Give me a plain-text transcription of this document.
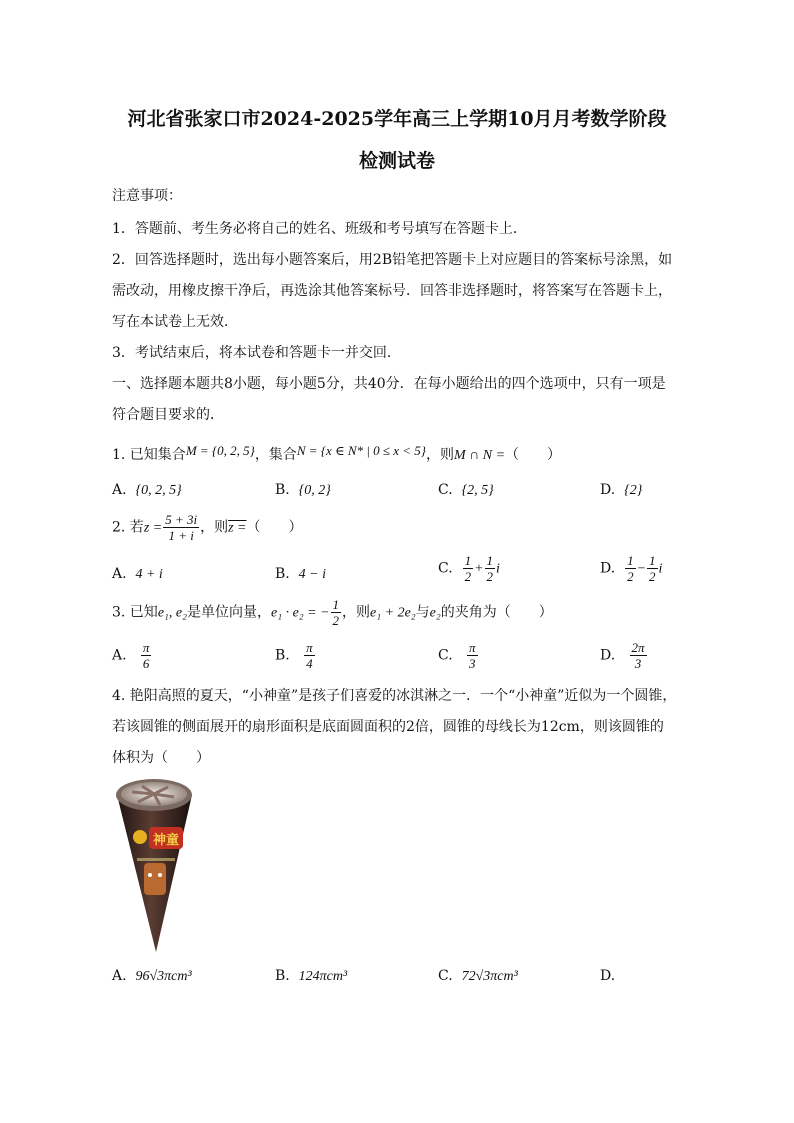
河北省张家口市2024-2025学年高三上学期10月月考数学阶段
检测试卷
注意事项：
1．答题前、考生务必将自己的姓名、班级和考号填写在答题卡上．
2．回答选择题时，选出每小题答案后，用2B铅笔把答题卡上对应题目的答案标号涂黑，如
需改动，用橡皮擦干净后，再选涂其他答案标号．回答非选择题时，将答案写在答题卡上，
写在本试卷上无效．
3．考试结束后，将本试卷和答题卡一并交回．
一、选择题本题共8小题，每小题5分，共40分．在每小题给出的四个选项中，只有一项是
符合题目要求的．
1. 已知集合M = {0, 2, 5}，集合N = {x ∈ N* | 0 ≤ x < 5}，则M ∩ N =（　　）
A. {0, 2, 5}	B. {0, 2}	C. {2, 5}	D. {2}
2. 若$z = \frac{5 + 3i}{1 + i}$ ，则z =（　　）
A. 4 + i	B. 4 − i	C. $\frac{1}{2} + \frac{1}{2}$ i	D. $\frac{1}{2} - \frac{1}{2}$ i
3. 已知e₁, e₂是单位向量，e₁ · e₂ = − $\frac{1}{2}$ ，则e₁ + 2e₂与e₂的夹角为（　　）
A. $\frac{\pi}{6}$	B. $\frac{\pi}{4}$	C. $\frac{\pi}{3}$	D. $\frac{2\pi}{3}$
4. 艳阳高照的夏天，“小神童”是孩子们喜爱的冰淇淋之一．一个“小神童”近似为一个圆锥，
若该圆锥的侧面展开的扇形面积是底面圆面积的2倍，圆锥的母线长为12cm，则该圆锥的
体积为（　　）
神童
A. 96√3πcm³	B. 124πcm³	C. 72√3πcm³	D.
